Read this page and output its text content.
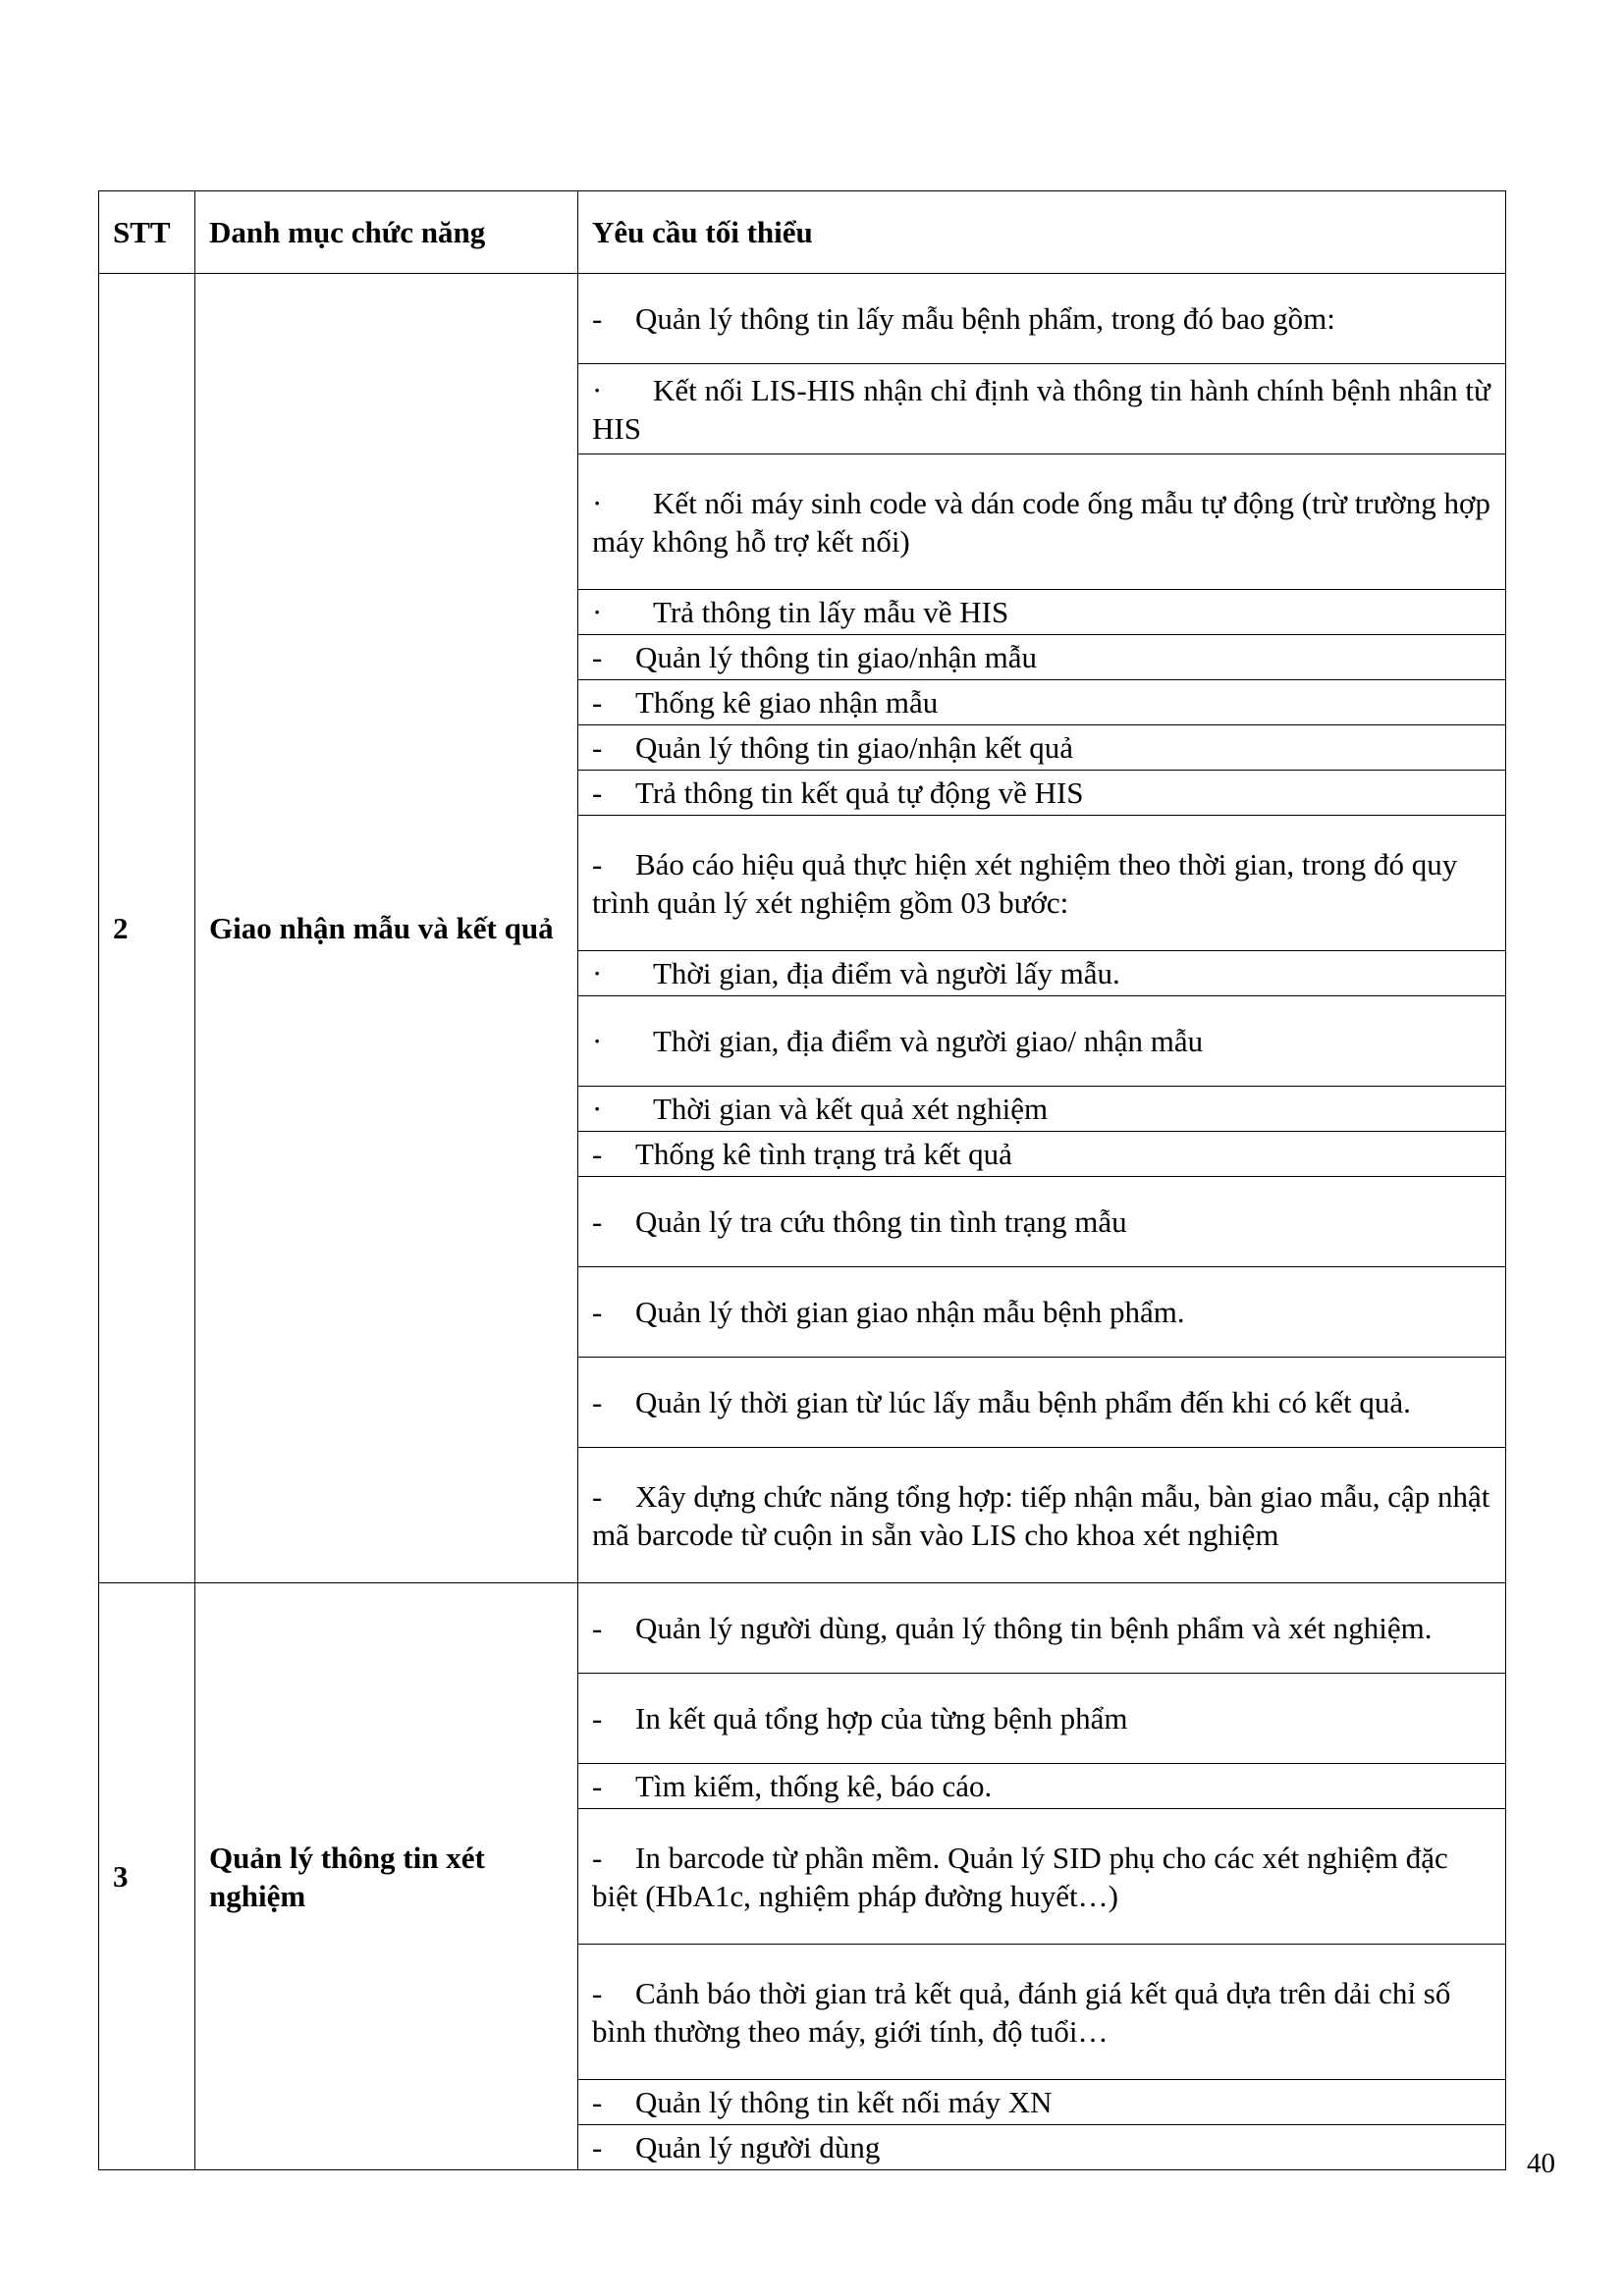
STT	Danh mục chức năng	Yêu cầu tối thiểu
2	Giao nhận mẫu và kết quả	- Quản lý thông tin lấy mẫu bệnh phẩm, trong đó bao gồm:
		· Kết nối LIS-HIS nhận chỉ định và thông tin hành chính bệnh nhân từ HIS
		· Kết nối máy sinh code và dán code ống mẫu tự động (trừ trường hợp máy không hỗ trợ kết nối)
		· Trả thông tin lấy mẫu về HIS
		- Quản lý thông tin giao/nhận mẫu
		- Thống kê giao nhận mẫu
		- Quản lý thông tin giao/nhận kết quả
		- Trả thông tin kết quả tự động về HIS
		- Báo cáo hiệu quả thực hiện xét nghiệm theo thời gian, trong đó quy trình quản lý xét nghiệm gồm 03 bước:
		· Thời gian, địa điểm và người lấy mẫu.
		· Thời gian, địa điểm và người giao/ nhận mẫu
		· Thời gian và kết quả xét nghiệm
		- Thống kê tình trạng trả kết quả
		- Quản lý tra cứu thông tin tình trạng mẫu
		- Quản lý thời gian giao nhận mẫu bệnh phẩm.
		- Quản lý thời gian từ lúc lấy mẫu bệnh phẩm đến khi có kết quả.
		- Xây dựng chức năng tổng hợp: tiếp nhận mẫu, bàn giao mẫu, cập nhật mã barcode từ cuộn in sẵn vào LIS cho khoa xét nghiệm
3	Quản lý thông tin xét nghiệm	- Quản lý người dùng, quản lý thông tin bệnh phẩm và xét nghiệm.
		- In kết quả tổng hợp của từng bệnh phẩm
		- Tìm kiếm, thống kê, báo cáo.
		- In barcode từ phần mềm. Quản lý SID phụ cho các xét nghiệm đặc biệt (HbA1c, nghiệm pháp đường huyết…)
		- Cảnh báo thời gian trả kết quả, đánh giá kết quả dựa trên dải chỉ số bình thường theo máy, giới tính, độ tuổi…
		- Quản lý thông tin kết nối máy XN
		- Quản lý người dùng	40
